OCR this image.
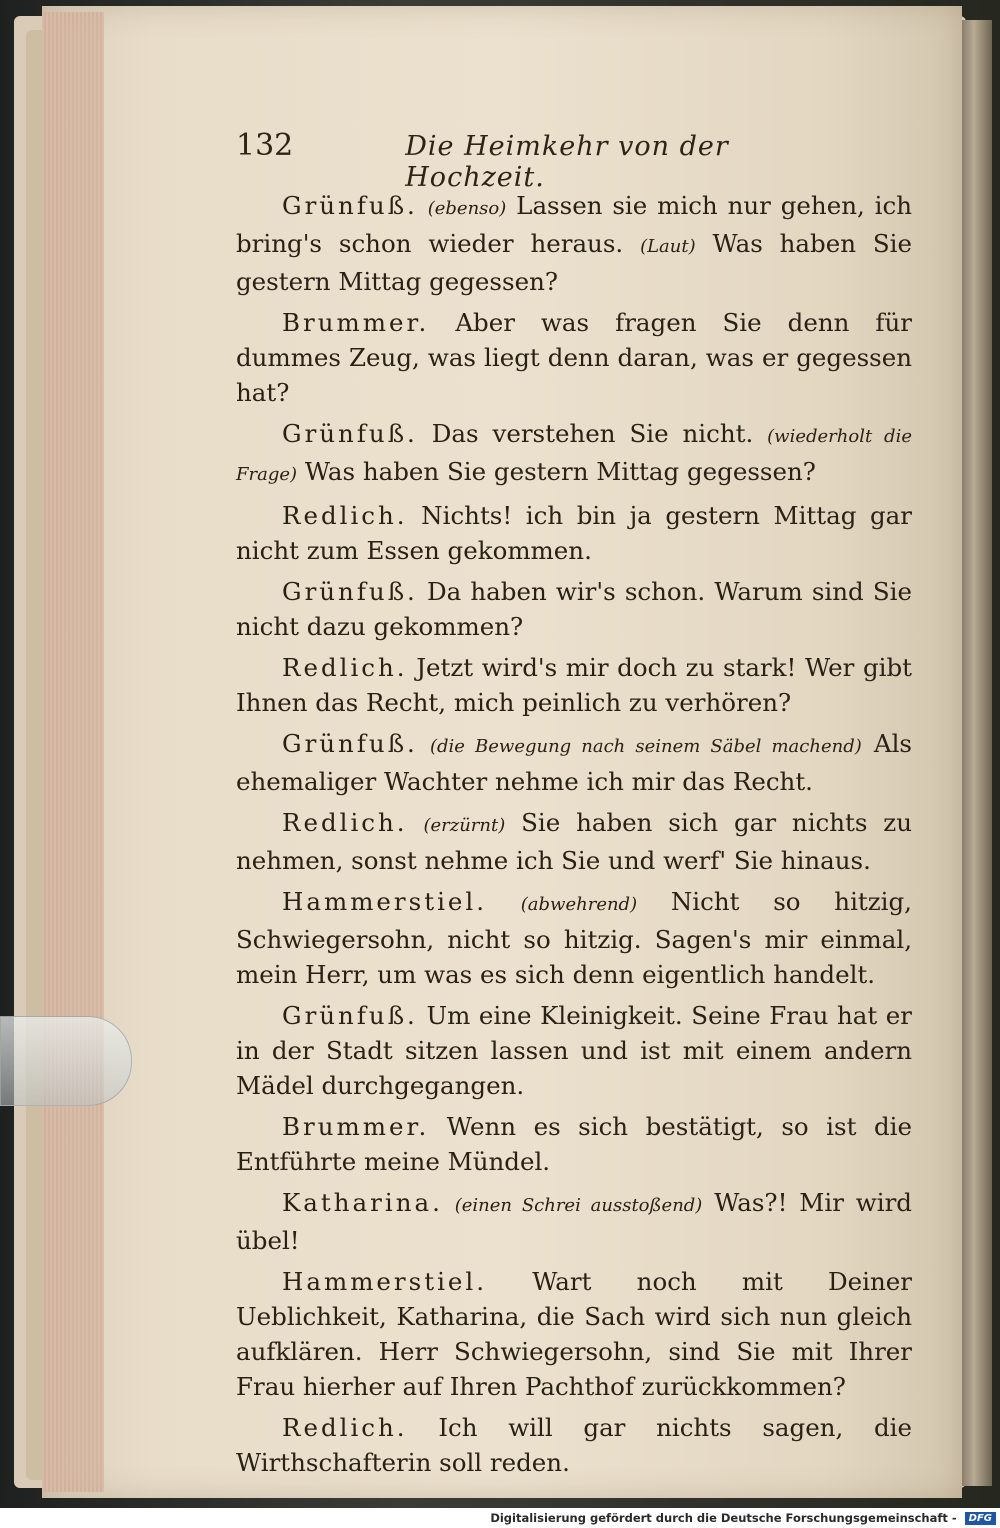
132	Die Heimkehr von der Hochzeit.

Grünfuß. (ebenso) Lassen sie mich nur gehen, ich bring's schon wieder heraus. (Laut) Was haben Sie gestern Mittag gegessen?

Brummer. Aber was fragen Sie denn für dummes Zeug, was liegt denn daran, was er gegessen hat?

Grünfuß. Das verstehen Sie nicht. (wiederholt die Frage) Was haben Sie gestern Mittag gegessen?

Redlich. Nichts! ich bin ja gestern Mittag gar nicht zum Essen gekommen.

Grünfuß. Da haben wir's schon. Warum sind Sie nicht dazu gekommen?

Redlich. Jetzt wird's mir doch zu stark! Wer gibt Ihnen das Recht, mich peinlich zu verhören?

Grünfuß. (die Bewegung nach seinem Säbel machend) Als ehemaliger Wachter nehme ich mir das Recht.

Redlich. (erzürnt) Sie haben sich gar nichts zu nehmen, sonst nehme ich Sie und werf' Sie hinaus.

Hammerstiel. (abwehrend) Nicht so hitzig, Schwiegersohn, nicht so hitzig. Sagen's mir einmal, mein Herr, um was es sich denn eigentlich handelt.

Grünfuß. Um eine Kleinigkeit. Seine Frau hat er in der Stadt sitzen lassen und ist mit einem andern Mädel durchgegangen.

Brummer. Wenn es sich bestätigt, so ist die Entführte meine Mündel.

Katharina. (einen Schrei ausstoßend) Was?! Mir wird übel!

Hammerstiel. Wart noch mit Deiner Ueblichkeit, Katharina, die Sach wird sich nun gleich aufklären. Herr Schwiegersohn, sind Sie mit Ihrer Frau hierher auf Ihren Pachthof zurückkommen?

Redlich. Ich will gar nichts sagen, die Wirthschafterin soll reden.

Digitalisierung gefördert durch die Deutsche Forschungsgemeinschaft -	DFG
